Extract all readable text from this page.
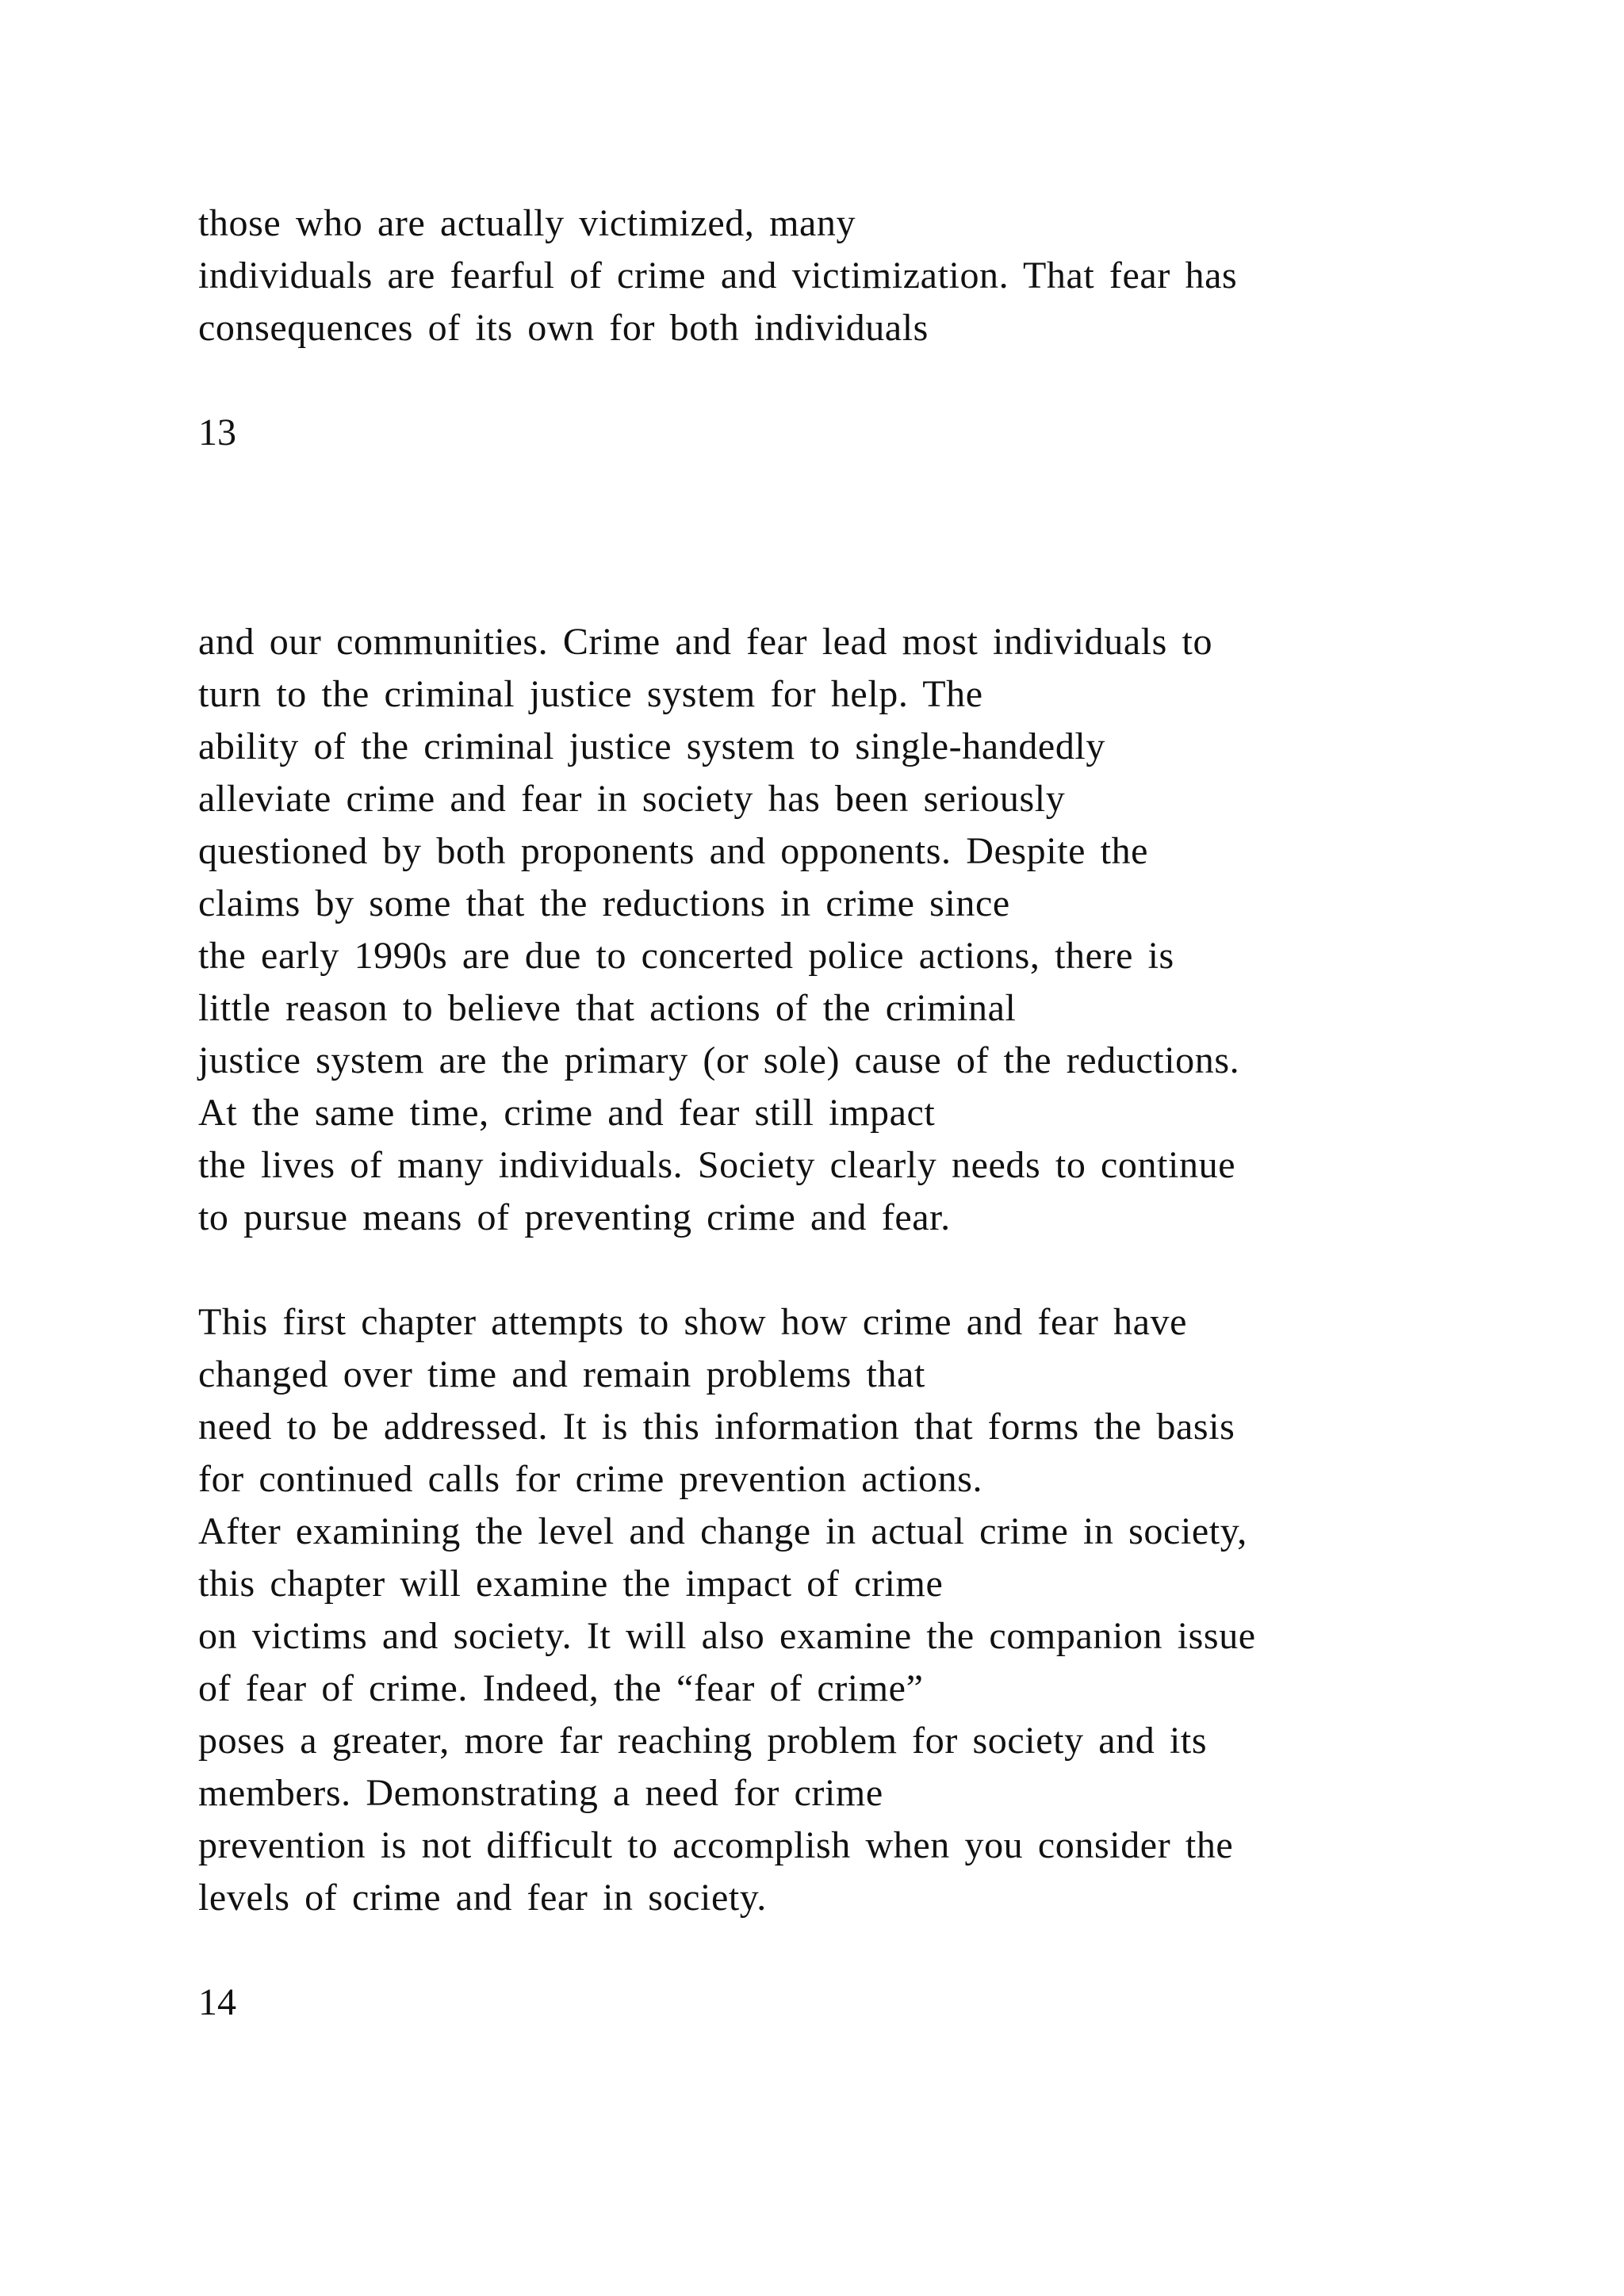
those who are actually victimized, many
individuals are fearful of crime and victimization. That fear has
consequences of its own for both individuals
13
and our communities. Crime and fear lead most individuals to
turn to the criminal justice system for help. The
ability of the criminal justice system to single-handedly
alleviate crime and fear in society has been seriously
questioned by both proponents and opponents. Despite the
claims by some that the reductions in crime since
the early 1990s are due to concerted police actions, there is
little reason to believe that actions of the criminal
justice system are the primary (or sole) cause of the reductions.
At the same time, crime and fear still impact
the lives of many individuals. Society clearly needs to continue
to pursue means of preventing crime and fear.
This first chapter attempts to show how crime and fear have
changed over time and remain problems that
need to be addressed. It is this information that forms the basis
for continued calls for crime prevention actions.
After examining the level and change in actual crime in society,
this chapter will examine the impact of crime
on victims and society. It will also examine the companion issue
of fear of crime. Indeed, the “fear of crime”
poses a greater, more far reaching problem for society and its
members. Demonstrating a need for crime
prevention is not difficult to accomplish when you consider the
levels of crime and fear in society.
14
